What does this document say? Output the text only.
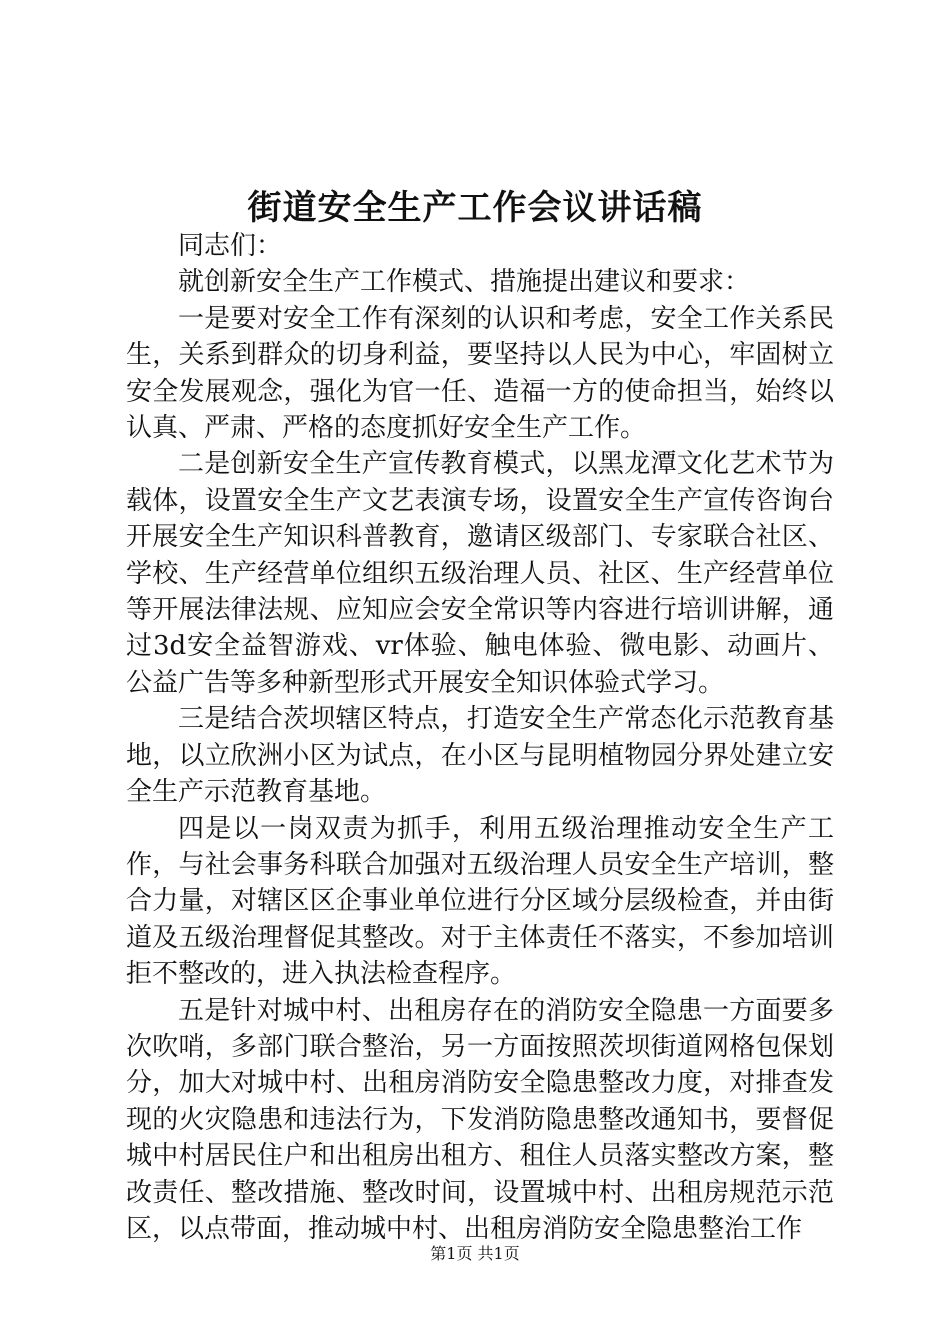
街道安全生产工作会议讲话稿

同志们：

就创新安全生产工作模式、措施提出建议和要求：

一是要对安全工作有深刻的认识和考虑，安全工作关系民生，关系到群众的切身利益，要坚持以人民为中心，牢固树立安全发展观念，强化为官一任、造福一方的使命担当，始终以认真、严肃、严格的态度抓好安全生产工作。

二是创新安全生产宣传教育模式，以黑龙潭文化艺术节为载体，设置安全生产文艺表演专场，设置安全生产宣传咨询台开展安全生产知识科普教育，邀请区级部门、专家联合社区、学校、生产经营单位组织五级治理人员、社区、生产经营单位等开展法律法规、应知应会安全常识等内容进行培训讲解，通过3d安全益智游戏、vr体验、触电体验、微电影、动画片、公益广告等多种新型形式开展安全知识体验式学习。

三是结合茨坝辖区特点，打造安全生产常态化示范教育基地，以立欣洲小区为试点，在小区与昆明植物园分界处建立安全生产示范教育基地。

四是以一岗双责为抓手，利用五级治理推动安全生产工作，与社会事务科联合加强对五级治理人员安全生产培训，整合力量，对辖区区企事业单位进行分区域分层级检查，并由街道及五级治理督促其整改。对于主体责任不落实，不参加培训拒不整改的，进入执法检查程序。

五是针对城中村、出租房存在的消防安全隐患一方面要多次吹哨，多部门联合整治，另一方面按照茨坝街道网格包保划分，加大对城中村、出租房消防安全隐患整改力度，对排查发现的火灾隐患和违法行为，下发消防隐患整改通知书，要督促城中村居民住户和出租房出租方、租住人员落实整改方案，整改责任、整改措施、整改时间，设置城中村、出租房规范示范区，以点带面，推动城中村、出租房消防安全隐患整治工作

第1页 共1页
